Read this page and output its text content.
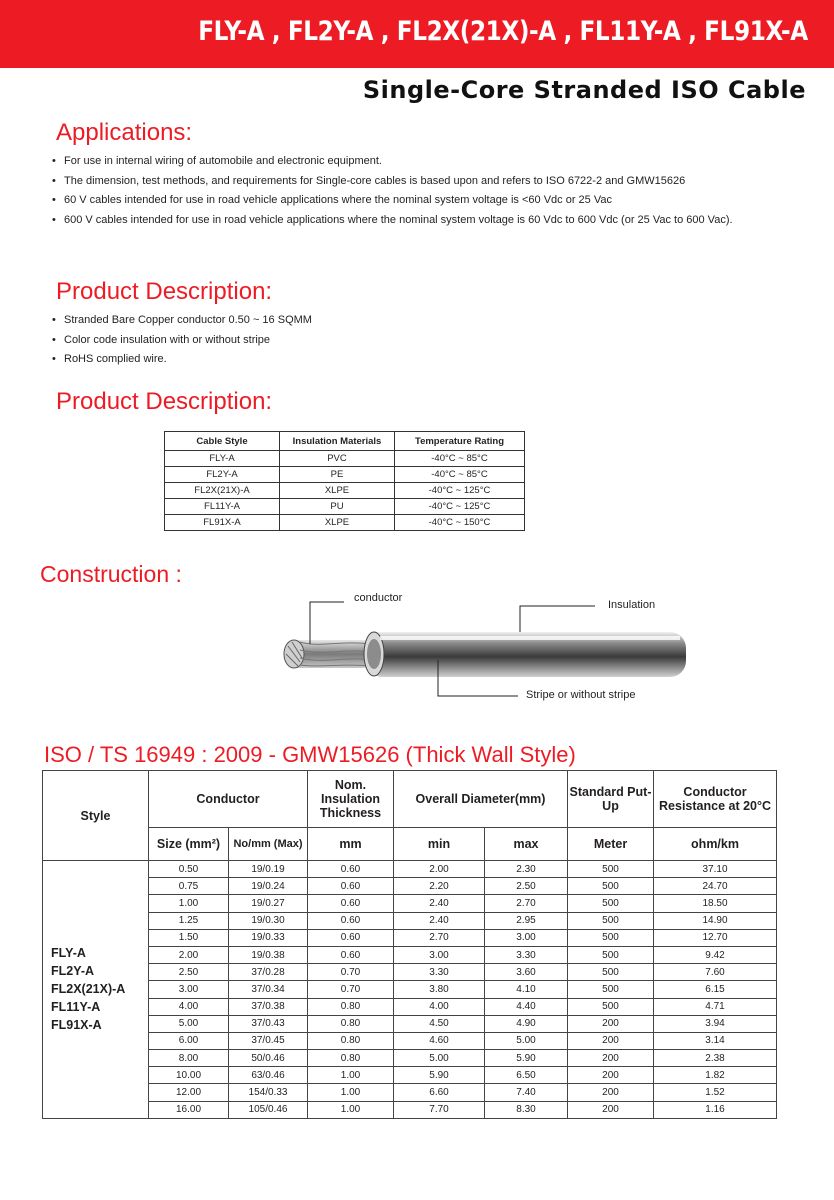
FLY-A , FL2Y-A , FL2X(21X)-A , FL11Y-A , FL91X-A
Single-Core Stranded ISO Cable
Applications:
• For use in internal wiring of automobile and electronic equipment.
• The dimension, test methods, and requirements for Single-core cables is based upon and refers to ISO 6722-2 and GMW15626
• 60 V cables intended for use in road vehicle applications where the nominal system voltage is <60 Vdc or 25 Vac
• 600 V cables intended for use in road vehicle applications where the nominal system voltage is 60 Vdc to 600 Vdc (or 25 Vac to 600 Vac).
Product Description:
• Stranded Bare Copper conductor 0.50 ~ 16 SQMM
• Color code insulation with or without stripe
• RoHS complied wire.
Product Description:
Cable Style	Insulation Materials	Temperature Rating
FLY-A	PVC	-40°C ~ 85°C
FL2Y-A	PE	-40°C ~ 85°C
FL2X(21X)-A	XLPE	-40°C ~ 125°C
FL11Y-A	PU	-40°C ~ 125°C
FL91X-A	XLPE	-40°C ~ 150°C
Construction :
conductor
Insulation
Stripe or without stripe
ISO / TS 16949 : 2009 - GMW15626 (Thick Wall Style)
Style	Conductor		Nom. Insulation Thickness	Overall Diameter(mm)		Standard Put-Up	Conductor Resistance at 20°C
	Size (mm²)	No/mm (Max)	mm	min	max	Meter	ohm/km

FLY-A
FL2Y-A
FL2X(21X)-A
FL11Y-A
FL91X-A	0.50	19/0.19	0.60	2.00	2.30	500	37.10
	0.75	19/0.24	0.60	2.20	2.50	500	24.70
	1.00	19/0.27	0.60	2.40	2.70	500	18.50
	1.25	19/0.30	0.60	2.40	2.95	500	14.90
	1.50	19/0.33	0.60	2.70	3.00	500	12.70
	2.00	19/0.38	0.60	3.00	3.30	500	9.42
	2.50	37/0.28	0.70	3.30	3.60	500	7.60
	3.00	37/0.34	0.70	3.80	4.10	500	6.15
	4.00	37/0.38	0.80	4.00	4.40	500	4.71
	5.00	37/0.43	0.80	4.50	4.90	200	3.94
	6.00	37/0.45	0.80	4.60	5.00	200	3.14
	8.00	50/0.46	0.80	5.00	5.90	200	2.38
	10.00	63/0.46	1.00	5.90	6.50	200	1.82
	12.00	154/0.33	1.00	6.60	7.40	200	1.52
	16.00	105/0.46	1.00	7.70	8.30	200	1.16
